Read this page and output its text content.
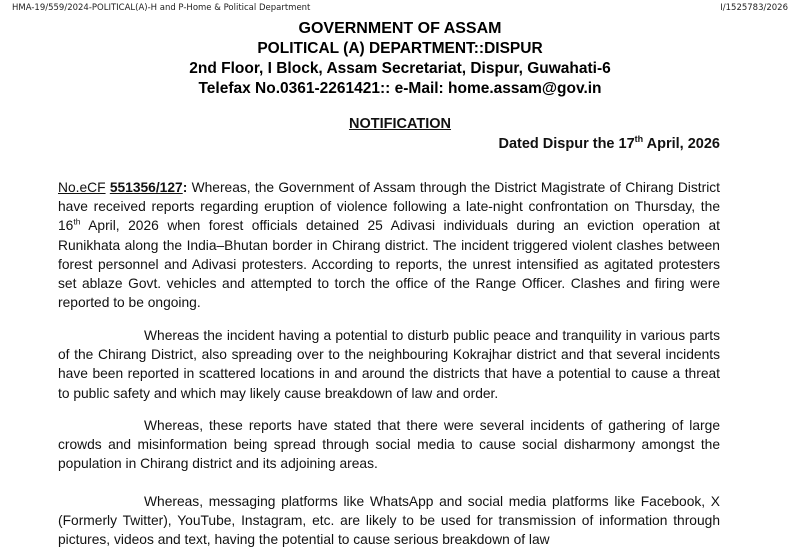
HMA-19/559/2024-POLITICAL(A)-H and P-Home & Political Department	I/1525783/2026
GOVERNMENT OF ASSAM
POLITICAL (A) DEPARTMENT::DISPUR
2nd Floor, I Block, Assam Secretariat, Dispur, Guwahati-6
Telefax No.0361-2261421:: e-Mail: home.assam@gov.in
NOTIFICATION
Dated Dispur the 17th April, 2026

No.eCF 551356/127: Whereas, the Government of Assam through the District Magistrate of Chirang District have received reports regarding eruption of violence following a late-night confrontation on Thursday, the 16th April, 2026 when forest officials detained 25 Adivasi individuals during an eviction operation at Runikhata along the India–Bhutan border in Chirang district. The incident triggered violent clashes between forest personnel and Adivasi protesters. According to reports, the unrest intensified as agitated protesters set ablaze Govt. vehicles and attempted to torch the office of the Range Officer. Clashes and firing were reported to be ongoing.

Whereas the incident having a potential to disturb public peace and tranquility in various parts of the Chirang District, also spreading over to the neighbouring Kokrajhar district and that several incidents have been reported in scattered locations in and around the districts that have a potential to cause a threat to public safety and which may likely cause breakdown of law and order.

Whereas, these reports have stated that there were several incidents of gathering of large crowds and misinformation being spread through social media to cause social disharmony amongst the population in Chirang district and its adjoining areas.

Whereas, messaging platforms like WhatsApp and social media platforms like Facebook, X (Formerly Twitter), YouTube, Instagram, etc. are likely to be used for transmission of information through pictures, videos and text, having the potential to cause serious breakdown of law
